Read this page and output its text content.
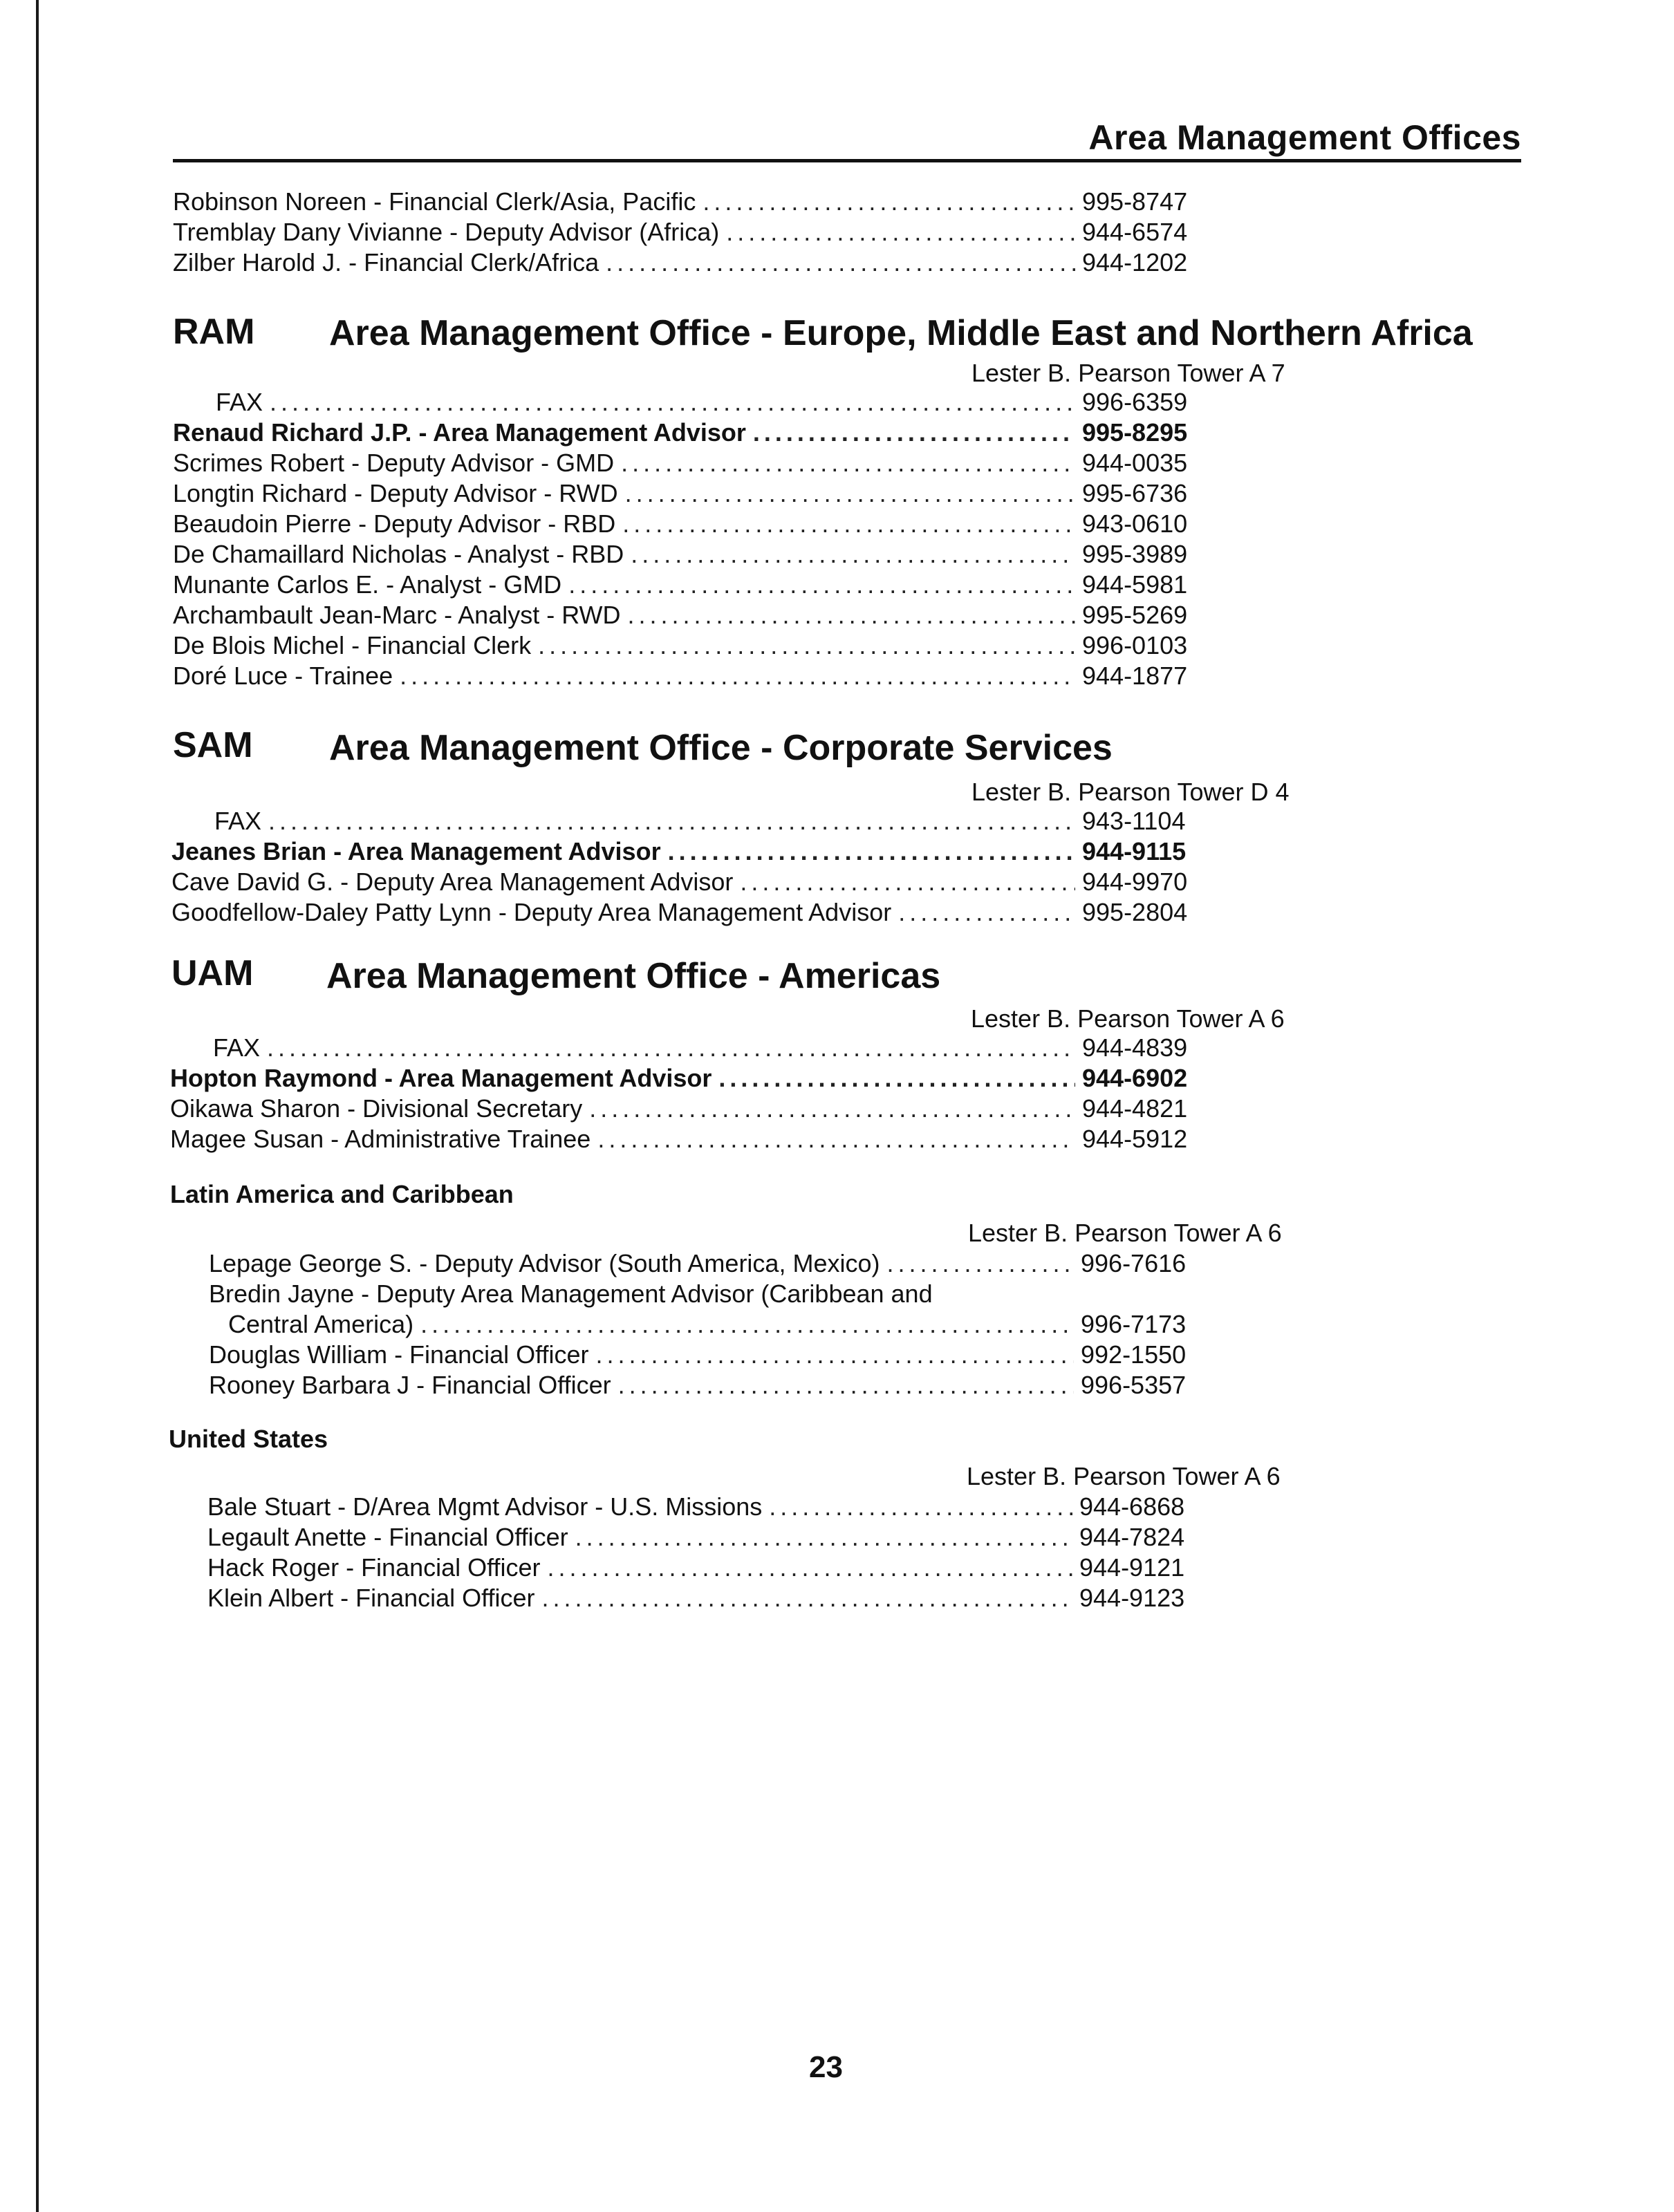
Area Management Offices
Robinson Noreen - Financial Clerk/Asia, Pacific .....	995-8747
Tremblay Dany Vivianne - Deputy Advisor (Africa) .....	944-6574
Zilber Harold J. - Financial Clerk/Africa .....	944-1202
RAM Area Management Office - Europe, Middle East and Northern Africa
Lester B. Pearson Tower A 7
FAX .....	996-6359
Renaud Richard J.P. - Area Management Advisor .....	995-8295
Scrimes Robert - Deputy Advisor - GMD .....	944-0035
Longtin Richard - Deputy Advisor - RWD .....	995-6736
Beaudoin Pierre - Deputy Advisor - RBD .....	943-0610
De Chamaillard Nicholas - Analyst - RBD .....	995-3989
Munante Carlos E. - Analyst - GMD .....	944-5981
Archambault Jean-Marc - Analyst - RWD .....	995-5269
De Blois Michel - Financial Clerk .....	996-0103
Doré Luce - Trainee .....	944-1877
SAM Area Management Office - Corporate Services
Lester B. Pearson Tower D 4
FAX .....	943-1104
Jeanes Brian - Area Management Advisor .....	944-9115
Cave David G. - Deputy Area Management Advisor .....	944-9970
Goodfellow-Daley Patty Lynn - Deputy Area Management Advisor .....	995-2804
UAM Area Management Office - Americas
Lester B. Pearson Tower A 6
FAX .....	944-4839
Hopton Raymond - Area Management Advisor .....	944-6902
Oikawa Sharon - Divisional Secretary .....	944-4821
Magee Susan - Administrative Trainee .....	944-5912
Latin America and Caribbean
Lester B. Pearson Tower A 6
Lepage George S. - Deputy Advisor (South America, Mexico) .....	996-7616
Bredin Jayne - Deputy Area Management Advisor (Caribbean and
Central America) .....	996-7173
Douglas William - Financial Officer .....	992-1550
Rooney Barbara J - Financial Officer .....	996-5357
United States
Lester B. Pearson Tower A 6
Bale Stuart - D/Area Mgmt Advisor - U.S. Missions .....	944-6868
Legault Anette - Financial Officer .....	944-7824
Hack Roger - Financial Officer .....	944-9121
Klein Albert - Financial Officer .....	944-9123
23
